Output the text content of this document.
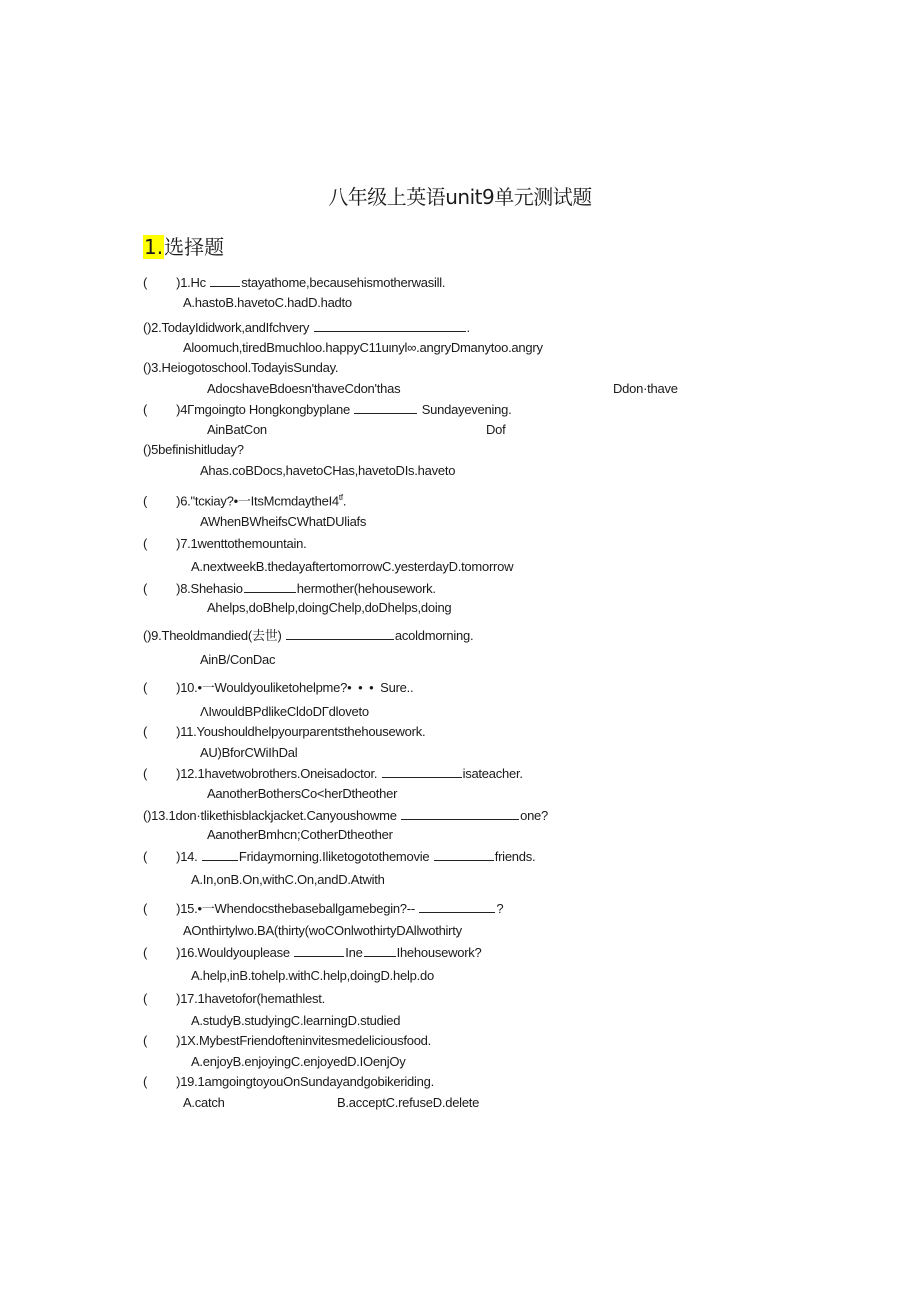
八年级上英语unit9单元测试题
1.选择题
( )1.Hc	stayathome,becausehismotherwasill.
A.hastoB.havetoC.hadD.hadto
()2.TodayIdidwork,andIfchvery	.
Aloomuch,tiredBmuchloo.happyC11uιnyl∞.angryDmanytoo.angry
()3.Heiogotoschool.TodayisSunday.
AdocshaveBdoesn'thaveCdon'thas	Ddon·thave
( )4Γmgoingto Hongkongbyplane	Sundayevening.
AinBatCon	Dof
()5befinishitluday?
Ahas.coBDocs,havetoCHas,havetoDIs.haveto
( )6."tcκiay?•一$ItsMcmdaytheI4^{tf}$.
AWhenBWheifsCWhatDUliafs
( )7.1wenttothemountain.
A.nextweekB.thedayaftertomorrowC.yesterdayD.tomorrow
( )8.Shehasio	hermother(hehousework.
Ahelps,doBhelp,doingChelp,doDhelps,doing
()9.Theoldmandied(去世)	acoldmorning.
AinB/ConDac
( )10.•一Wouldyouliketohelpme?•  •  •  Sure..
ΛIwouldBPdlikeCldoDΓdloveto
( )11.Youshouldhelpyourparentsthehousework.
AU)BforCWiIhDal
( )12.1havetwobrothers.Oneisadoctor.	isateacher.
AanotherBothersCo<herDtheother
()13.1don·tlikethisblackjacket.Canyoushowme	one?
AanotherBmhcn;CotherDtheother
( )14.	Fridaymorning.Iliketogotothemovie	friends.
A.In,onB.On,withC.On,andD.Atwith
( )15.•一Whendocsthebaseballgamebegin?--	?
AOnthirtylwo.BA(thirty(woCOnlwothirtyDAllwothirty
( )16.Wouldyouplease	Ine	Ihehousework?
A.help,inB.tohelp.withC.help,doingD.help.do
( )17.1havetofor(hemathlest.
A.studyB.studyingC.learningD.studied
( )1X.MybestFriendofteninvitesmedeliciousfood.
A.enjoyB.enjoyingC.enjoyedD.IOenjOy
( )19.1amgoingtoyouOnSundayandgobikeriding.
A.catch	B.acceptC.refuseD.delete
